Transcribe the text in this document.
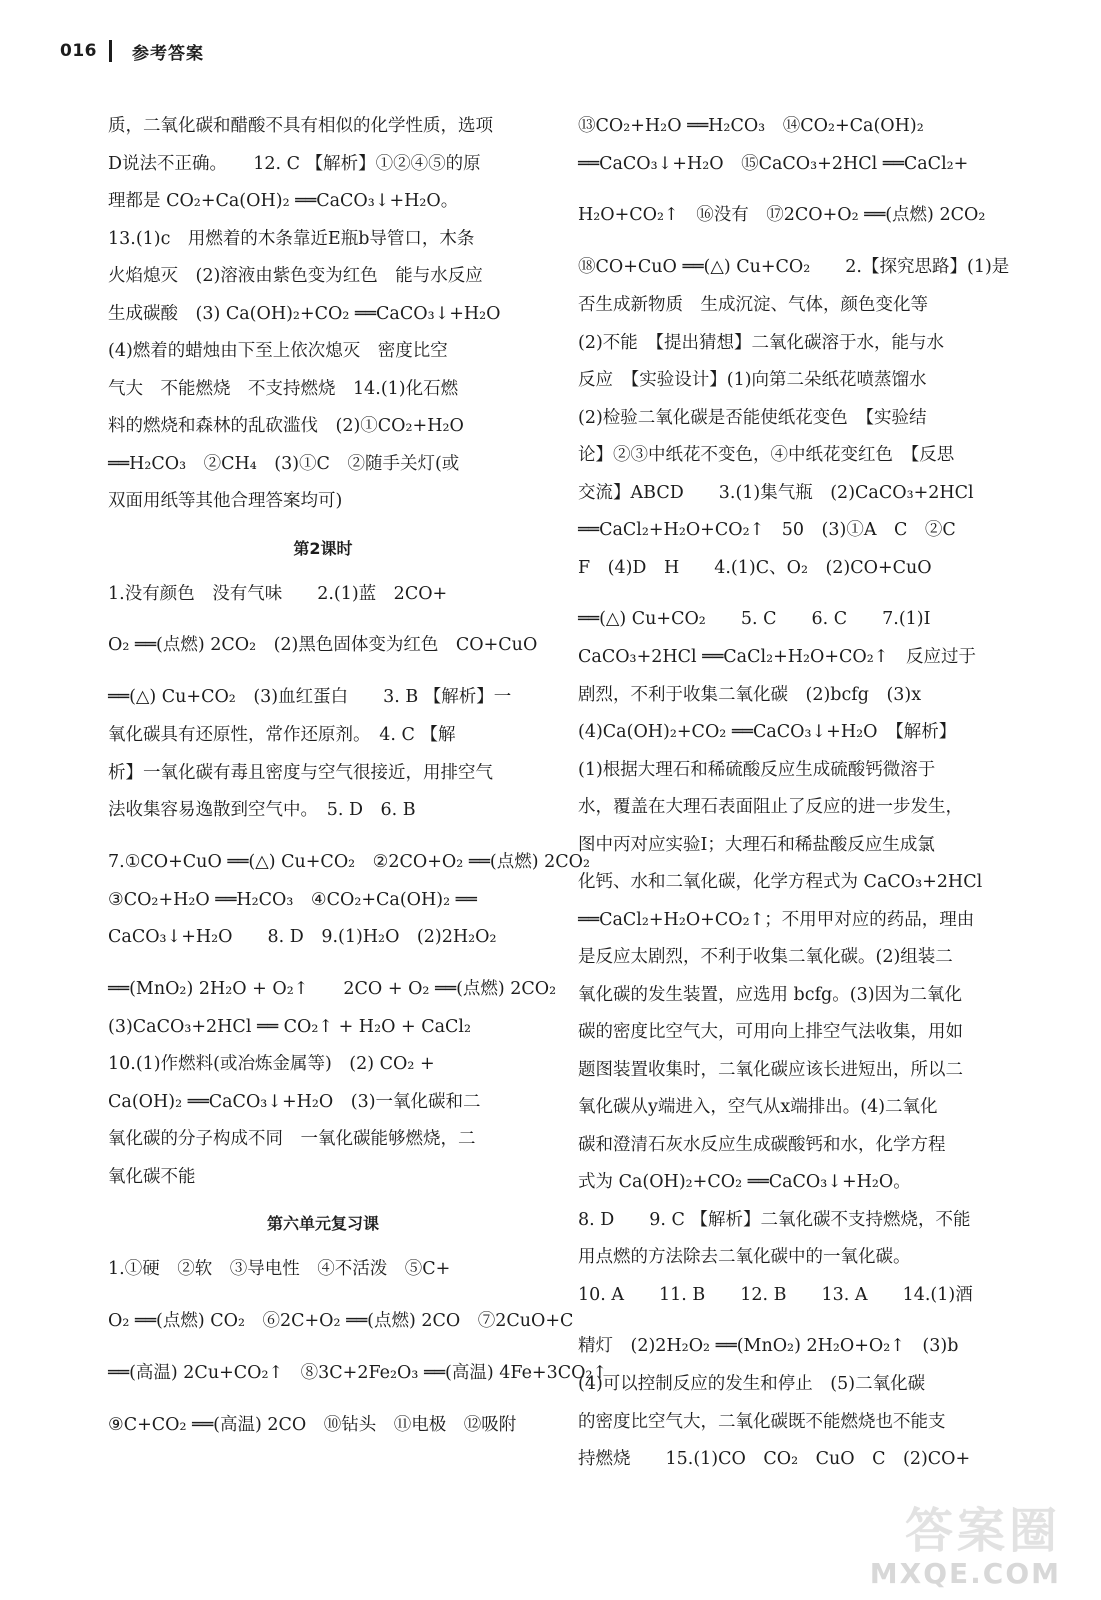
016 参考答案
质，二氧化碳和醋酸不具有相似的化学性质，选项
D说法不正确。　　12. C 【解析】①②④⑤的原
理都是 CO₂+Ca(OH)₂ ══CaCO₃↓+H₂O。
13.(1)c　用燃着的木条靠近E瓶b导管口，木条
火焰熄灭　(2)溶液由紫色变为红色　能与水反应
生成碳酸　(3) Ca(OH)₂+CO₂ ══CaCO₃↓+H₂O
(4)燃着的蜡烛由下至上依次熄灭　密度比空
气大　不能燃烧　不支持燃烧　14.(1)化石燃
料的燃烧和森林的乱砍滥伐　(2)①CO₂+H₂O
══H₂CO₃　②CH₄　(3)①C　②随手关灯(或
双面用纸等其他合理答案均可)
第2课时
1.没有颜色　没有气味　　2.(1)蓝　2CO+
O₂ ══(点燃) 2CO₂　(2)黑色固体变为红色　CO+CuO
══(△) Cu+CO₂　(3)血红蛋白　　3. B 【解析】一
氧化碳具有还原性，常作还原剂。　4. C 【解
析】一氧化碳有毒且密度与空气很接近，用排空气
法收集容易逸散到空气中。　5. D　6. B
7.①CO+CuO ══(△) Cu+CO₂　②2CO+O₂ ══(点燃) 2CO₂
③CO₂+H₂O ══H₂CO₃　④CO₂+Ca(OH)₂ ══
CaCO₃↓+H₂O　　8. D　9.(1)H₂O　(2)2H₂O₂
══(MnO₂) 2H₂O + O₂↑　　2CO + O₂ ══(点燃) 2CO₂
(3)CaCO₃+2HCl ══ CO₂↑ + H₂O + CaCl₂
10.(1)作燃料(或冶炼金属等)　(2) CO₂ +
Ca(OH)₂ ══CaCO₃↓+H₂O　(3)一氧化碳和二
氧化碳的分子构成不同　一氧化碳能够燃烧，二
氧化碳不能
第六单元复习课
1.①硬　②软　③导电性　④不活泼　⑤C+
O₂ ══(点燃) CO₂　⑥2C+O₂ ══(点燃) 2CO　⑦2CuO+C
══(高温) 2Cu+CO₂↑　⑧3C+2Fe₂O₃ ══(高温) 4Fe+3CO₂↑
⑨C+CO₂ ══(高温) 2CO　⑩钻头　⑪电极　⑫吸附
⑬CO₂+H₂O ══H₂CO₃　⑭CO₂+Ca(OH)₂
══CaCO₃↓+H₂O　⑮CaCO₃+2HCl ══CaCl₂+
H₂O+CO₂↑　⑯没有　⑰2CO+O₂ ══(点燃) 2CO₂
⑱CO+CuO ══(△) Cu+CO₂　　2.【探究思路】(1)是
否生成新物质　生成沉淀、气体，颜色变化等
(2)不能　【提出猜想】二氧化碳溶于水，能与水
反应　【实验设计】(1)向第二朵纸花喷蒸馏水
(2)检验二氧化碳是否能使纸花变色　【实验结
论】②③中纸花不变色，④中纸花变红色　【反思
交流】ABCD　　3.(1)集气瓶　(2)CaCO₃+2HCl
══CaCl₂+H₂O+CO₂↑　50　(3)①A　C　②C
F　(4)D　H　　4.(1)C、O₂　(2)CO+CuO
══(△) Cu+CO₂　　5. C　　6. C　　7.(1)Ⅰ
CaCO₃+2HCl ══CaCl₂+H₂O+CO₂↑　反应过于
剧烈，不利于收集二氧化碳　(2)bcfg　(3)x
(4)Ca(OH)₂+CO₂ ══CaCO₃↓+H₂O　【解析】
(1)根据大理石和稀硫酸反应生成硫酸钙微溶于
水，覆盖在大理石表面阻止了反应的进一步发生，
图中丙对应实验Ⅰ；大理石和稀盐酸反应生成氯
化钙、水和二氧化碳，化学方程式为 CaCO₃+2HCl
══CaCl₂+H₂O+CO₂↑；不用甲对应的药品，理由
是反应太剧烈，不利于收集二氧化碳。(2)组装二
氧化碳的发生装置，应选用 bcfg。(3)因为二氧化
碳的密度比空气大，可用向上排空气法收集，用如
题图装置收集时，二氧化碳应该长进短出，所以二
氧化碳从y端进入，空气从x端排出。(4)二氧化
碳和澄清石灰水反应生成碳酸钙和水，化学方程
式为 Ca(OH)₂+CO₂ ══CaCO₃↓+H₂O。
8. D　　9. C 【解析】二氧化碳不支持燃烧，不能
用点燃的方法除去二氧化碳中的一氧化碳。
10. A　　11. B　　12. B　　13. A　　14.(1)酒
精灯　(2)2H₂O₂ ══(MnO₂) 2H₂O+O₂↑　(3)b
(4)可以控制反应的发生和停止　(5)二氧化碳
的密度比空气大，二氧化碳既不能燃烧也不能支
持燃烧　　15.(1)CO　CO₂　CuO　C　(2)CO+
答案圈
MXQE.COM
